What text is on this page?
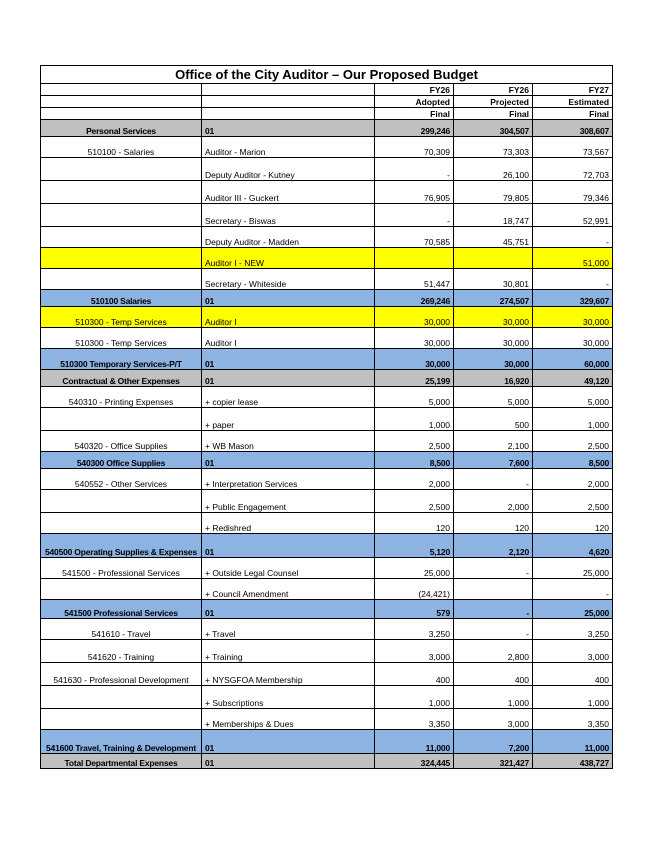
Office of the City Auditor – Our Proposed Budget				
		FY26	FY26	FY27
		Adopted	Projected	Estimated
		Final	Final	Final
Personal Services	01	299,246	304,507	308,607
510100 - Salaries	Auditor - Marion	70,309	73,303	73,567
	Deputy Auditor - Kutney	-	26,100	72,703
	Auditor III - Guckert	76,905	79,805	79,346
	Secretary - Biswas	-	18,747	52,991
	Deputy Auditor - Madden	70,585	45,751	-
	Auditor I - NEW			51,000
	Secretary - Whiteside	51,447	30,801	-
510100 Salaries	01	269,246	274,507	329,607
510300 - Temp Services	Auditor I	30,000	30,000	30,000
510300 - Temp Services	Auditor I	30,000	30,000	30,000
510300 Temporary Services-P/T	01	30,000	30,000	60,000
Contractual & Other Expenses	01	25,199	16,920	49,120
540310 - Printing Expenses	+ copier lease	5,000	5,000	5,000
	+ paper	1,000	500	1,000
540320 - Office Supplies	+ WB Mason	2,500	2,100	2,500
540300 Office Supplies	01	8,500	7,600	8,500
540552 - Other Services	+ Interpretation Services	2,000	-	2,000
	+ Public Engagement	2,500	2,000	2,500
	+ Redishred	120	120	120
540500 Operating Supplies & Expenses	01	5,120	2,120	4,620
541500 - Professional Services	+ Outside Legal Counsel	25,000	-	25,000
	+ Council Amendment	(24,421)		-
541500 Professional Services	01	579	-	25,000
541610 - Travel	+ Travel	3,250	-	3,250
541620 - Training	+ Training	3,000	2,800	3,000
541630 - Professional Development	+ NYSGFOA Membership	400	400	400
	+ Subscriptions	1,000	1,000	1,000
	+ Memberships & Dues	3,350	3,000	3,350
541600 Travel, Training & Development	01	11,000	7,200	11,000
Total Departmental Expenses	01	324,445	321,427	438,727
